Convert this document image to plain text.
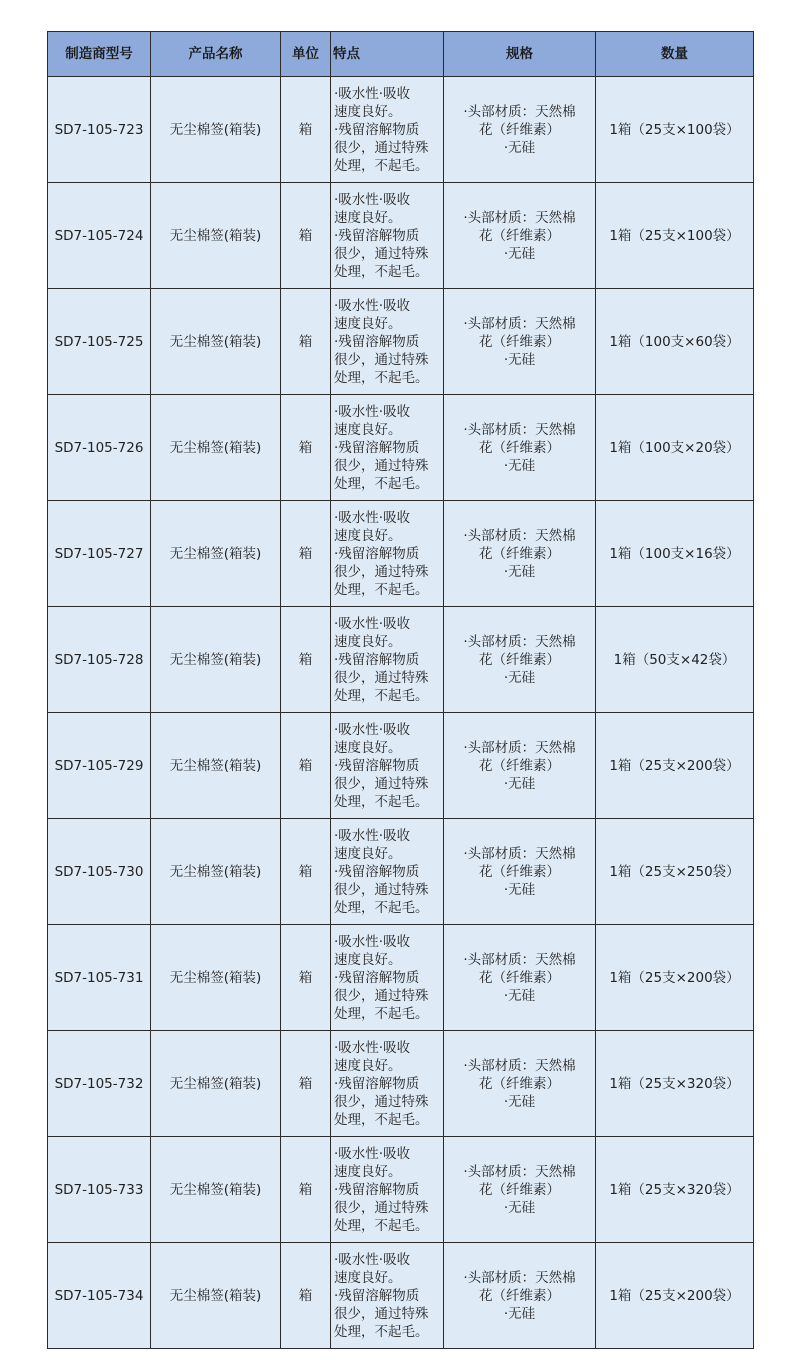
制造商型号	产品名称	单位	特点	规格	数量
SD7-105-723	无尘棉签(箱装)	箱	·吸水性·吸收
速度良好。
·残留溶解物质
很少，通过特殊
处理，不起毛。	·头部材质：天然棉
花（纤维素）
·无硅	1箱（25支×100袋）
SD7-105-724	无尘棉签(箱装)	箱	·吸水性·吸收
速度良好。
·残留溶解物质
很少，通过特殊
处理，不起毛。	·头部材质：天然棉
花（纤维素）
·无硅	1箱（25支×100袋）
SD7-105-725	无尘棉签(箱装)	箱	·吸水性·吸收
速度良好。
·残留溶解物质
很少，通过特殊
处理，不起毛。	·头部材质：天然棉
花（纤维素）
·无硅	1箱（100支×60袋）
SD7-105-726	无尘棉签(箱装)	箱	·吸水性·吸收
速度良好。
·残留溶解物质
很少，通过特殊
处理，不起毛。	·头部材质：天然棉
花（纤维素）
·无硅	1箱（100支×20袋）
SD7-105-727	无尘棉签(箱装)	箱	·吸水性·吸收
速度良好。
·残留溶解物质
很少，通过特殊
处理，不起毛。	·头部材质：天然棉
花（纤维素）
·无硅	1箱（100支×16袋）
SD7-105-728	无尘棉签(箱装)	箱	·吸水性·吸收
速度良好。
·残留溶解物质
很少，通过特殊
处理，不起毛。	·头部材质：天然棉
花（纤维素）
·无硅	1箱（50支×42袋）
SD7-105-729	无尘棉签(箱装)	箱	·吸水性·吸收
速度良好。
·残留溶解物质
很少，通过特殊
处理，不起毛。	·头部材质：天然棉
花（纤维素）
·无硅	1箱（25支×200袋）
SD7-105-730	无尘棉签(箱装)	箱	·吸水性·吸收
速度良好。
·残留溶解物质
很少，通过特殊
处理，不起毛。	·头部材质：天然棉
花（纤维素）
·无硅	1箱（25支×250袋）
SD7-105-731	无尘棉签(箱装)	箱	·吸水性·吸收
速度良好。
·残留溶解物质
很少，通过特殊
处理，不起毛。	·头部材质：天然棉
花（纤维素）
·无硅	1箱（25支×200袋）
SD7-105-732	无尘棉签(箱装)	箱	·吸水性·吸收
速度良好。
·残留溶解物质
很少，通过特殊
处理，不起毛。	·头部材质：天然棉
花（纤维素）
·无硅	1箱（25支×320袋）
SD7-105-733	无尘棉签(箱装)	箱	·吸水性·吸收
速度良好。
·残留溶解物质
很少，通过特殊
处理，不起毛。	·头部材质：天然棉
花（纤维素）
·无硅	1箱（25支×320袋）
SD7-105-734	无尘棉签(箱装)	箱	·吸水性·吸收
速度良好。
·残留溶解物质
很少，通过特殊
处理，不起毛。	·头部材质：天然棉
花（纤维素）
·无硅	1箱（25支×200袋）
